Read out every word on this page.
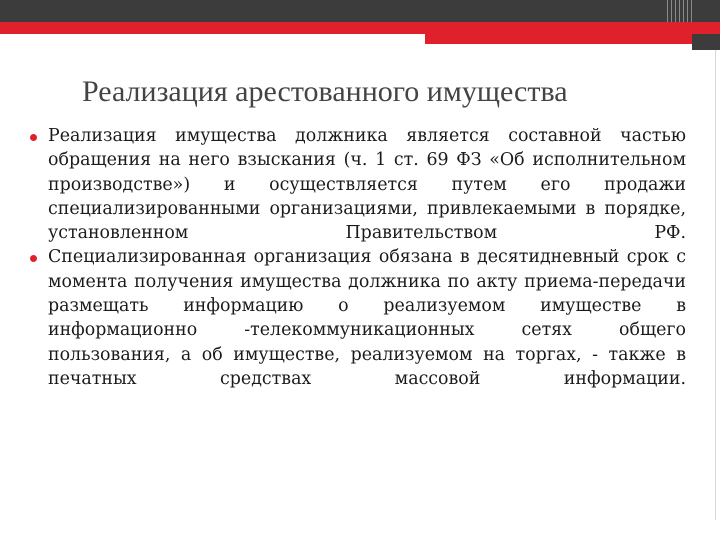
Реализация арестованного имущества

Реализация имущества должника является составной частью обращения на него взыскания (ч. 1 ст. 69 ФЗ «Об исполнительном производстве») и осуществляется путем его продажи специализированными организациями, привлекаемыми в порядке, установленном Правительством РФ.

Специализированная организация обязана в десятидневный срок с момента получения имущества должника по акту приема-передачи размещать информацию о реализуемом имуществе в информационно -телекоммуникационных сетях общего пользования, а об имуществе, реализуемом на торгах, - также в печатных средствах массовой информации.
